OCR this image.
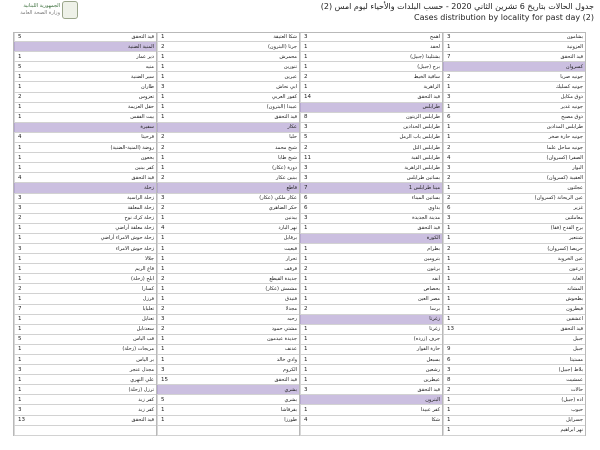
الجمهورية اللبنانية
وزارة الصحة العامة
جدول الحالات بتاريخ 6 تشرين الثاني 2020 - حسب البلدات والأحياء ليوم امس (2)
Cases distribution by locality for past day (2)
بشامون
3
العزونية
1
قيد التحقق
7
كسروان
جونيه صربا
2
جونيه كسليك
1
ذوق مكايل
3
جونيه غدير
1
ذوق مصبح
6
طرابلس المدادين
1
جونيه حارة صخر
1
جونيه ساحل علما
2
الصفرا (كسروان)
4
البوار
3
العقيبة (كسروان)
2
عجلتون
1
عين الريحانة (كسروان)
2
غزير
6
معاملتين
3
برج القدح (فقا)
1
شننعير
1
حريصا (كسروان)
2
عين الخروبة
1
درعون
1
الغابة
1
المشانه
1
بطحوش
1
فيطرون
1
اعشقين
1
قيد التحقق
13
جبيل
جبيل
9
مستيتا
6
بلاط (جبيل)
3
عمشيت
8
حالات
2
اده (جبيل)
1
حبوب
1
جسرايل
1
نهر ابراهيم
1
اهمج
3
لحفد
1
بشتليدا (جبيل)
1
برج (جبيل)
1
ساقية الخيط
2
الزاهرية
1
قيد التحقق
14
طرابلس
طرابلس الزيتون
8
طرابلس الحدادين
3
طرابلس باب الرمل
5
طرابلس التل
2
طرابلس القبة
11
طرابلس الزاهرية
3
بساتين طرابلس
3
مينا طرابلس 1
7
بساتين الميناء
6
بداوي
6
مدينة الجديدة
3
قيد التحقق
1
الكورة
بطرام
1
بترومين
1
برغون
2
أنفه
1
بحصاص
1
مصر العين
1
برسا
2
زغرتا
زغرتا
1
جرف (زرده)
1
حارة الفوار
1
بسبعل
1
رشعين
1
عيطرين
1
قيد التحقق
3
البترون
كفر عبيدا
1
شكا
4
شكا العتيقة
1
جرتا (البترون)
2
محمرش
1
تنورين
1
عبرين
1
ابي نحاش
3
كفور العربي
1
عبيدا (البترون)
1
قيد التحقق
1
عكار
حلبا
2
شيخ محمد
2
شيخ طابا
1
دورة (عكار)
1
ببنين عكار
2
قاطع
عكار ملكي (عكار)
3
حكر الضاهري
2
بيدنين
1
نهر البارد
4
برقايل
1
قبعيت
1
تحرار
1
قرقف
1
جديدة القيطع
2
مشمش (عكار)
1
فنيدق
1
مجدلا
2
رحبه
3
مشتي حمود
2
جديدة عيدمون
1
عدنف
1
وادي خالد
1
الكروم
3
قيد التحقق
15
بشري
بشري
5
بقرقاشا
1
طورزا
1
قيد التحقق
5
المنية الضنية
دير عمار
1
منيه
5
سير الضنية
1
طاران
1
تعزوس
2
حقل العزيمة
1
بيت الفقس
1
سفيرة
قرحيتا
4
روضة (المنية-الضنية)
1
بخعون
1
كفر ببنين
1
قيد التحقق
4
زحلة
زحلة الراسية
3
زحلة المعلقة
3
زحلة كرك نوح
2
زحلة معلقة أراضي
1
زحلة حوش الامراء أراضي
1
زحلة حوش الامراء
3
جلالا
1
قاع الريم
1
ابلح (زحلة)
1
كسارا
2
فرزل
1
تعلبايا
7
تعنايل
1
سعدنايل
1
قب الياس
5
مريجات (زحلة)
1
بر الياس
1
مجدل عنجر
3
علي النهري
1
ترزل (زحلة)
1
كفر زبد
1
كفر زبد
3
قيد التحقق
13
